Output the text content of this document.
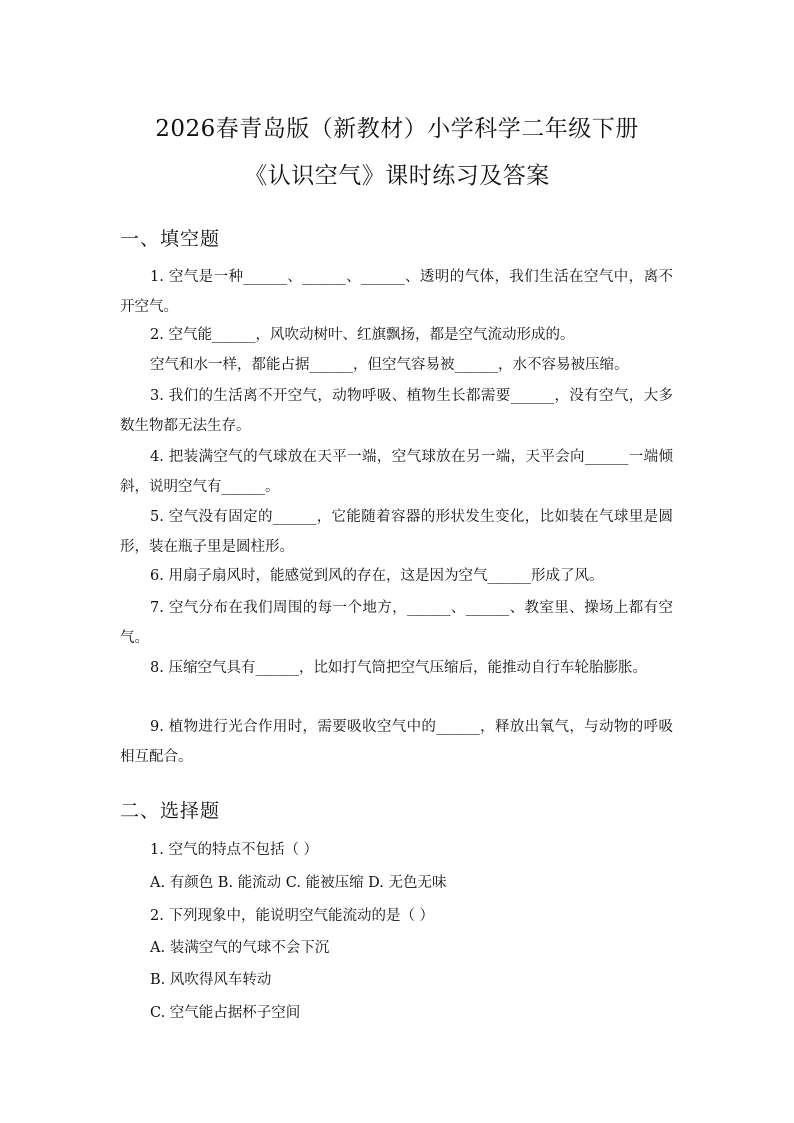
2026春青岛版（新教材）小学科学二年级下册
《认识空气》课时练习及答案
一、填空题
1. 空气是一种______、______、______、透明的气体，我们生活在空气中，离不开空气。
2. 空气能______，风吹动树叶、红旗飘扬，都是空气流动形成的。
空气和水一样，都能占据______，但空气容易被______，水不容易被压缩。
3. 我们的生活离不开空气，动物呼吸、植物生长都需要______，没有空气，大多数生物都无法生存。
4. 把装满空气的气球放在天平一端，空气球放在另一端，天平会向______一端倾斜，说明空气有______。
5. 空气没有固定的______，它能随着容器的形状发生变化，比如装在气球里是圆形，装在瓶子里是圆柱形。
6. 用扇子扇风时，能感觉到风的存在，这是因为空气______形成了风。
7. 空气分布在我们周围的每一个地方，______、______、教室里、操场上都有空气。
8. 压缩空气具有______，比如打气筒把空气压缩后，能推动自行车轮胎膨胀。
9. 植物进行光合作用时，需要吸收空气中的______，释放出氧气，与动物的呼吸相互配合。
二、选择题
1. 空气的特点不包括（ ）
A. 有颜色 B. 能流动 C. 能被压缩 D. 无色无味
2. 下列现象中，能说明空气能流动的是（ ）
A. 装满空气的气球不会下沉
B. 风吹得风车转动
C. 空气能占据杯子空间
